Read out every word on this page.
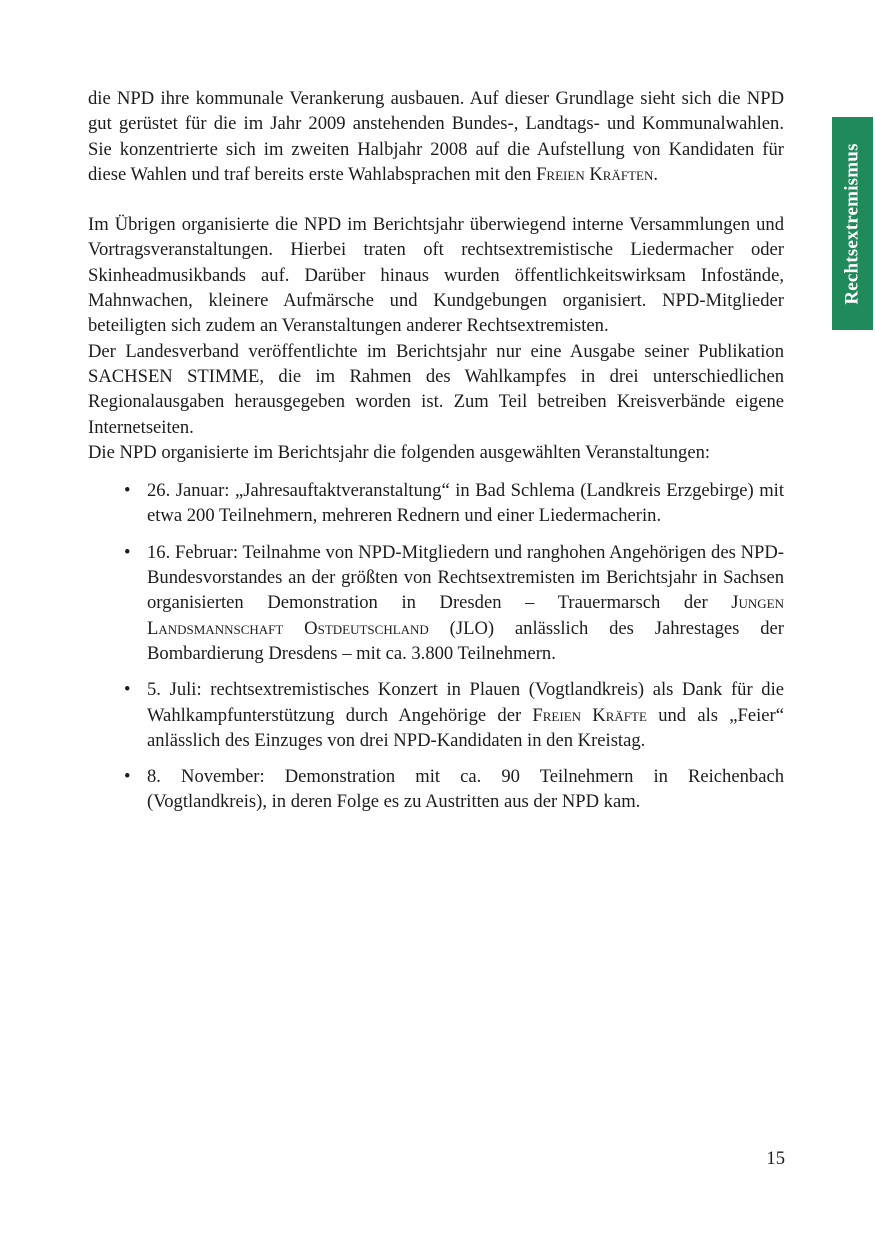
Rechtsextremismus

die NPD ihre kommunale Verankerung ausbauen. Auf dieser Grundlage sieht sich die NPD gut gerüstet für die im Jahr 2009 anstehenden Bundes-, Landtags- und Kommunalwahlen. Sie konzentrierte sich im zweiten Halbjahr 2008 auf die Aufstellung von Kandidaten für diese Wahlen und traf bereits erste Wahlabsprachen mit den Freien Kräften.

Im Übrigen organisierte die NPD im Berichtsjahr überwiegend interne Versammlungen und Vortragsveranstaltungen. Hierbei traten oft rechtsextremistische Liedermacher oder Skinheadmusikbands auf. Darüber hinaus wurden öffentlichkeitswirksam Infostände, Mahnwachen, kleinere Aufmärsche und Kundgebungen organisiert. NPD-Mitglieder beteiligten sich zudem an Veranstaltungen anderer Rechtsextremisten.

Der Landesverband veröffentlichte im Berichtsjahr nur eine Ausgabe seiner Publikation SACHSEN STIMME, die im Rahmen des Wahlkampfes in drei unterschiedlichen Regionalausgaben herausgegeben worden ist. Zum Teil betreiben Kreisverbände eigene Internetseiten.

Die NPD organisierte im Berichtsjahr die folgenden ausgewählten Veranstaltungen:

• 26. Januar: „Jahresauftaktveranstaltung“ in Bad Schlema (Landkreis Erzgebirge) mit etwa 200 Teilnehmern, mehreren Rednern und einer Liedermacherin.
• 16. Februar: Teilnahme von NPD-Mitgliedern und ranghohen Angehörigen des NPD-Bundesvorstandes an der größten von Rechtsextremisten im Berichtsjahr in Sachsen organisierten Demonstration in Dresden – Trauermarsch der Jungen Landsmannschaft Ostdeutschland (JLO) anlässlich des Jahrestages der Bombardierung Dresdens – mit ca. 3.800 Teilnehmern.
• 5. Juli: rechtsextremistisches Konzert in Plauen (Vogtlandkreis) als Dank für die Wahlkampfunterstützung durch Angehörige der Freien Kräfte und als „Feier“ anlässlich des Einzuges von drei NPD-Kandidaten in den Kreistag.
• 8. November: Demonstration mit ca. 90 Teilnehmern in Reichenbach (Vogtlandkreis), in deren Folge es zu Austritten aus der NPD kam.
15
